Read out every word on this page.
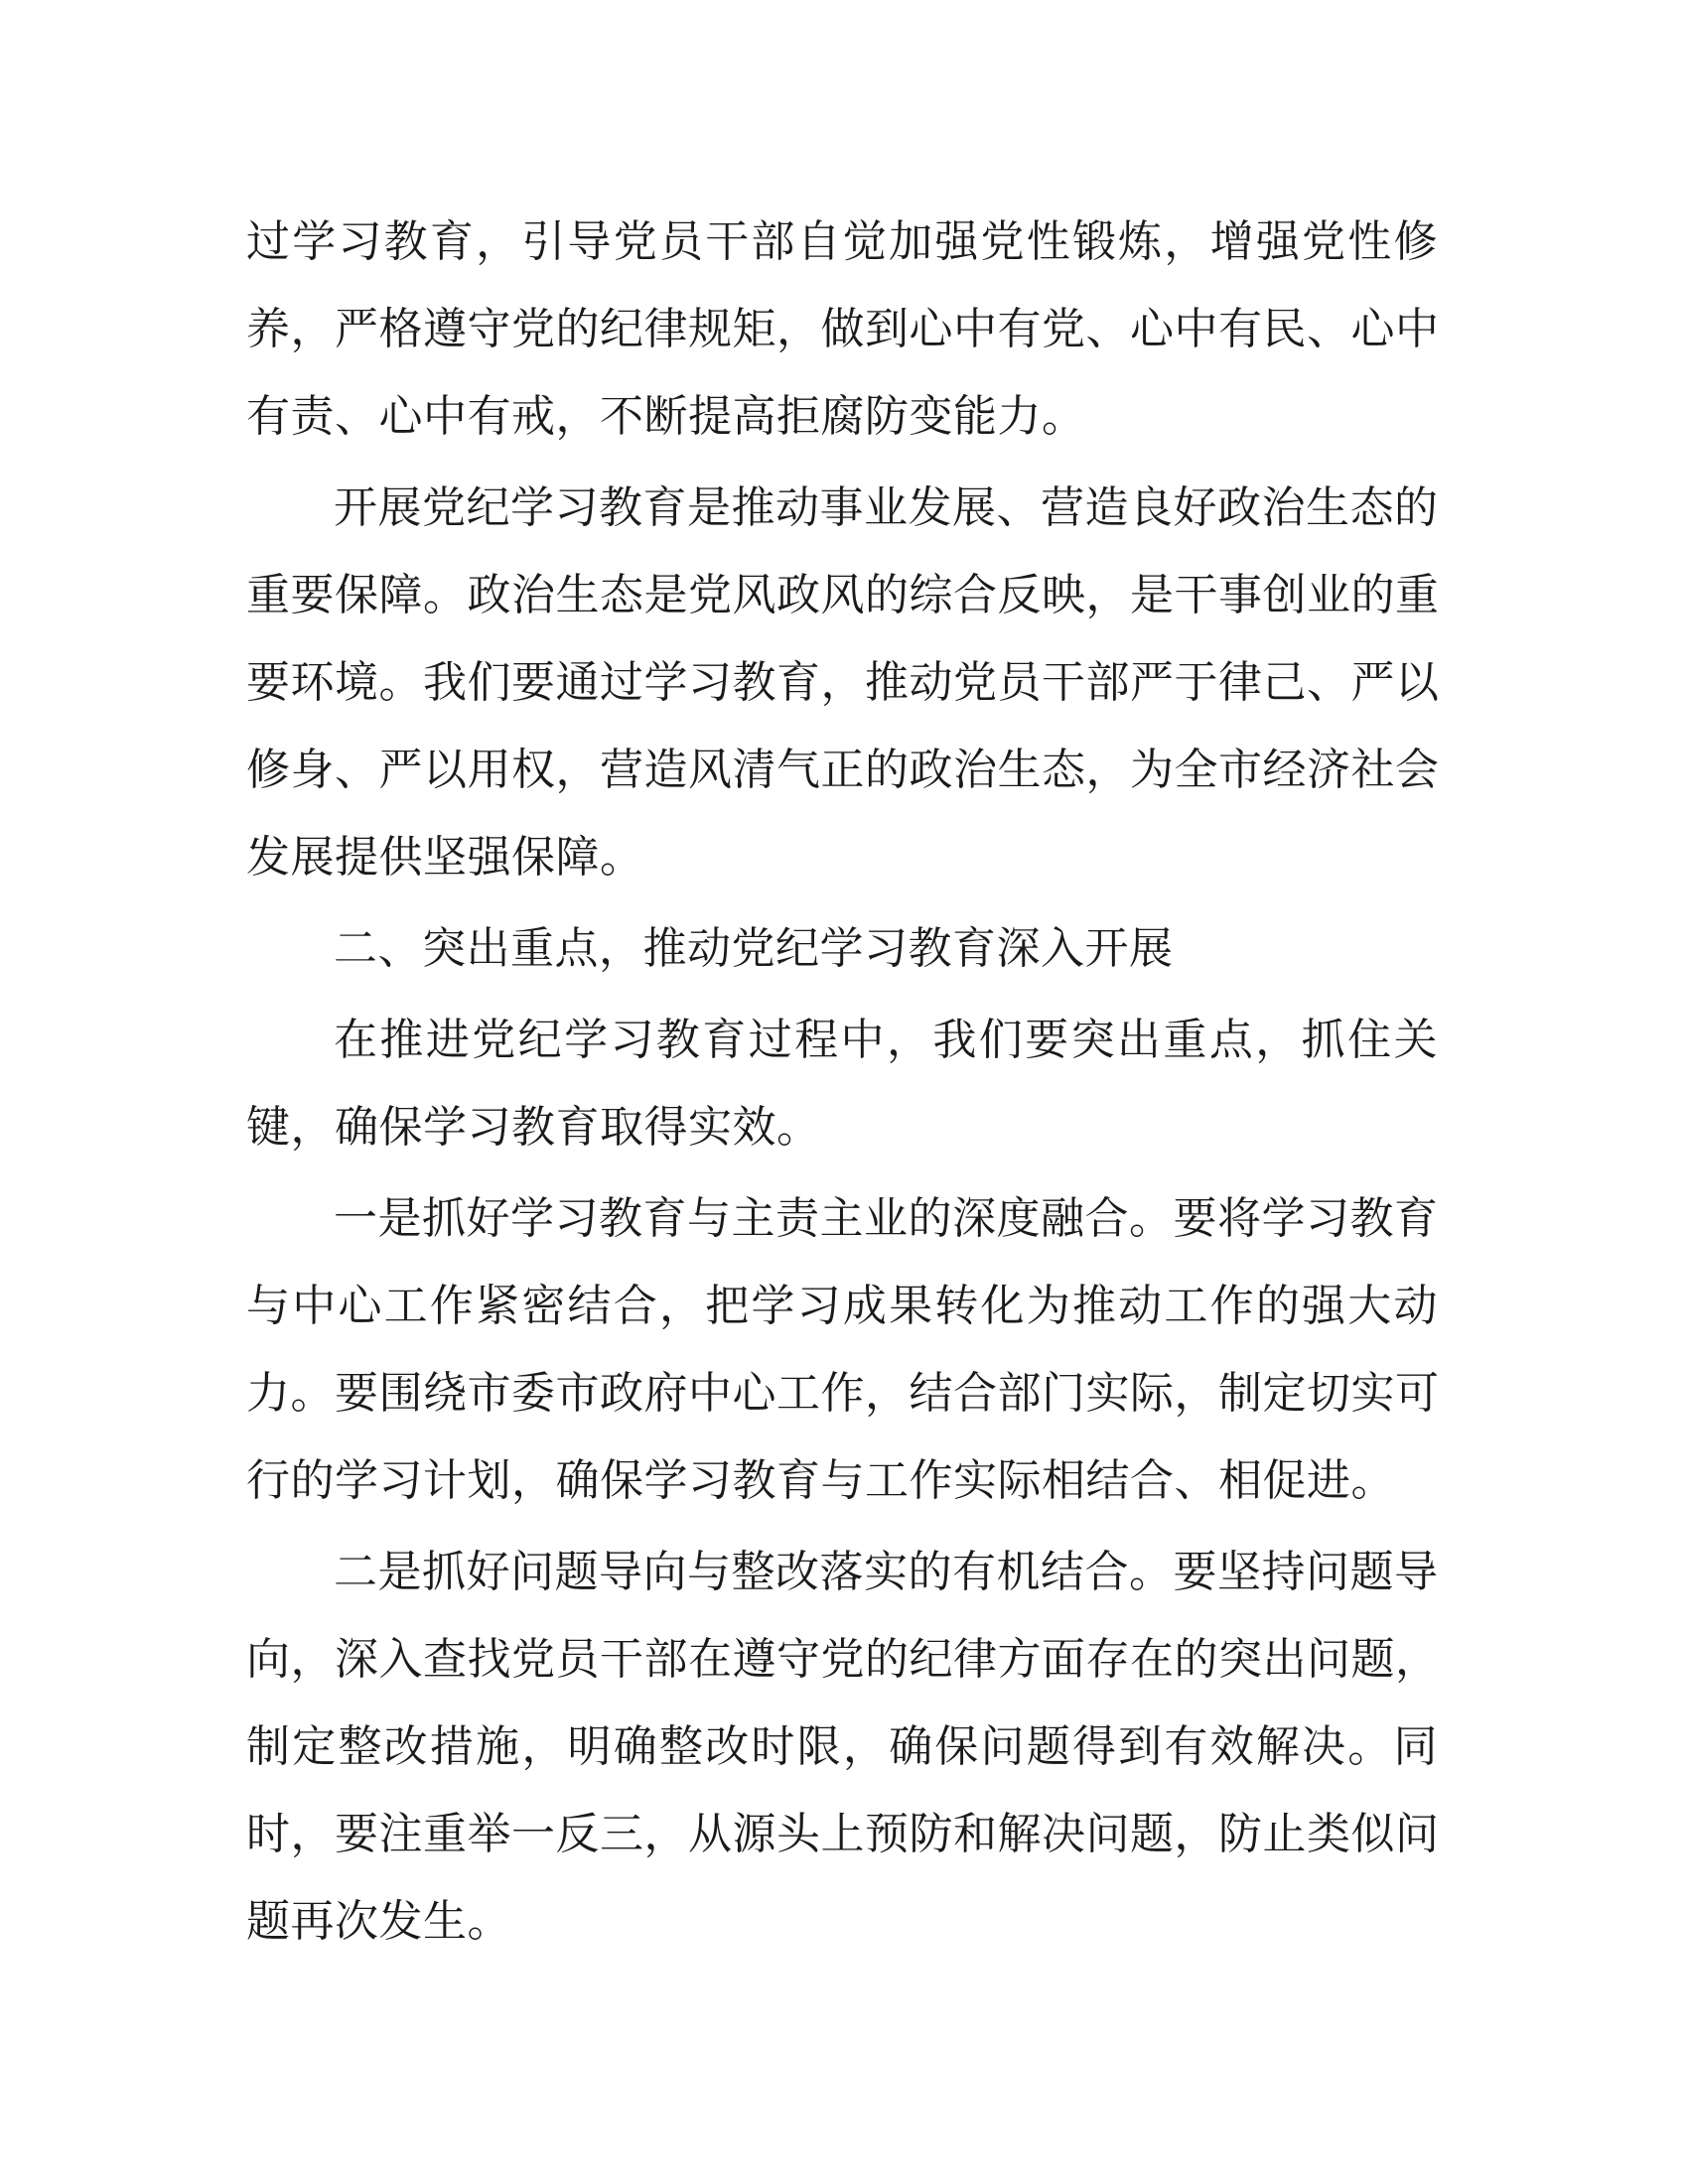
过学习教育，引导党员干部自觉加强党性锻炼，增强党性修
养，严格遵守党的纪律规矩，做到心中有党、心中有民、心中
有责、心中有戒，不断提高拒腐防变能力。
开展党纪学习教育是推动事业发展、营造良好政治生态的
重要保障。政治生态是党风政风的综合反映，是干事创业的重
要环境。我们要通过学习教育，推动党员干部严于律己、严以
修身、严以用权，营造风清气正的政治生态，为全市经济社会
发展提供坚强保障。
二、突出重点，推动党纪学习教育深入开展
在推进党纪学习教育过程中，我们要突出重点，抓住关
键，确保学习教育取得实效。
一是抓好学习教育与主责主业的深度融合。要将学习教育
与中心工作紧密结合，把学习成果转化为推动工作的强大动
力。要围绕市委市政府中心工作，结合部门实际，制定切实可
行的学习计划，确保学习教育与工作实际相结合、相促进。
二是抓好问题导向与整改落实的有机结合。要坚持问题导
向，深入查找党员干部在遵守党的纪律方面存在的突出问题，
制定整改措施，明确整改时限，确保问题得到有效解决。同
时，要注重举一反三，从源头上预防和解决问题，防止类似问
题再次发生。
